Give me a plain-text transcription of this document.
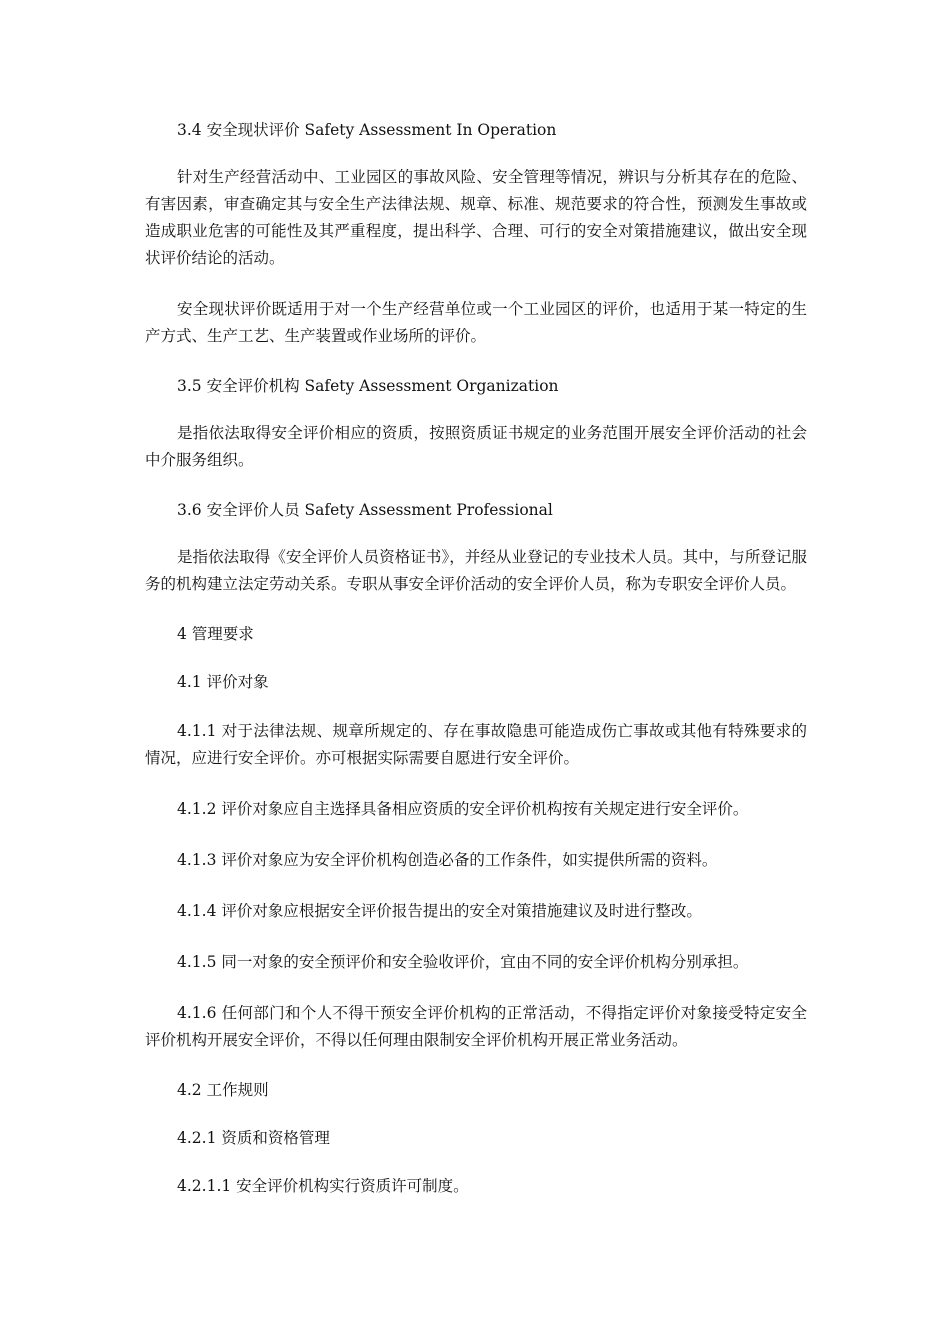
3.4 安全现状评价 Safety Assessment In Operation

针对生产经营活动中、工业园区的事故风险、安全管理等情况，辨识与分析其存在的危险、有害因素，审查确定其与安全生产法律法规、规章、标准、规范要求的符合性，预测发生事故或造成职业危害的可能性及其严重程度，提出科学、合理、可行的安全对策措施建议，做出安全现状评价结论的活动。

安全现状评价既适用于对一个生产经营单位或一个工业园区的评价，也适用于某一特定的生产方式、生产工艺、生产装置或作业场所的评价。

3.5 安全评价机构 Safety Assessment Organization

是指依法取得安全评价相应的资质，按照资质证书规定的业务范围开展安全评价活动的社会中介服务组织。

3.6 安全评价人员 Safety Assessment Professional

是指依法取得《安全评价人员资格证书》，并经从业登记的专业技术人员。其中，与所登记服务的机构建立法定劳动关系。专职从事安全评价活动的安全评价人员，称为专职安全评价人员。

4 管理要求

4.1 评价对象

4.1.1 对于法律法规、规章所规定的、存在事故隐患可能造成伤亡事故或其他有特殊要求的情况，应进行安全评价。亦可根据实际需要自愿进行安全评价。

4.1.2 评价对象应自主选择具备相应资质的安全评价机构按有关规定进行安全评价。

4.1.3 评价对象应为安全评价机构创造必备的工作条件，如实提供所需的资料。

4.1.4 评价对象应根据安全评价报告提出的安全对策措施建议及时进行整改。

4.1.5 同一对象的安全预评价和安全验收评价，宜由不同的安全评价机构分别承担。

4.1.6 任何部门和个人不得干预安全评价机构的正常活动，不得指定评价对象接受特定安全评价机构开展安全评价，不得以任何理由限制安全评价机构开展正常业务活动。

4.2 工作规则

4.2.1 资质和资格管理

4.2.1.1 安全评价机构实行资质许可制度。
